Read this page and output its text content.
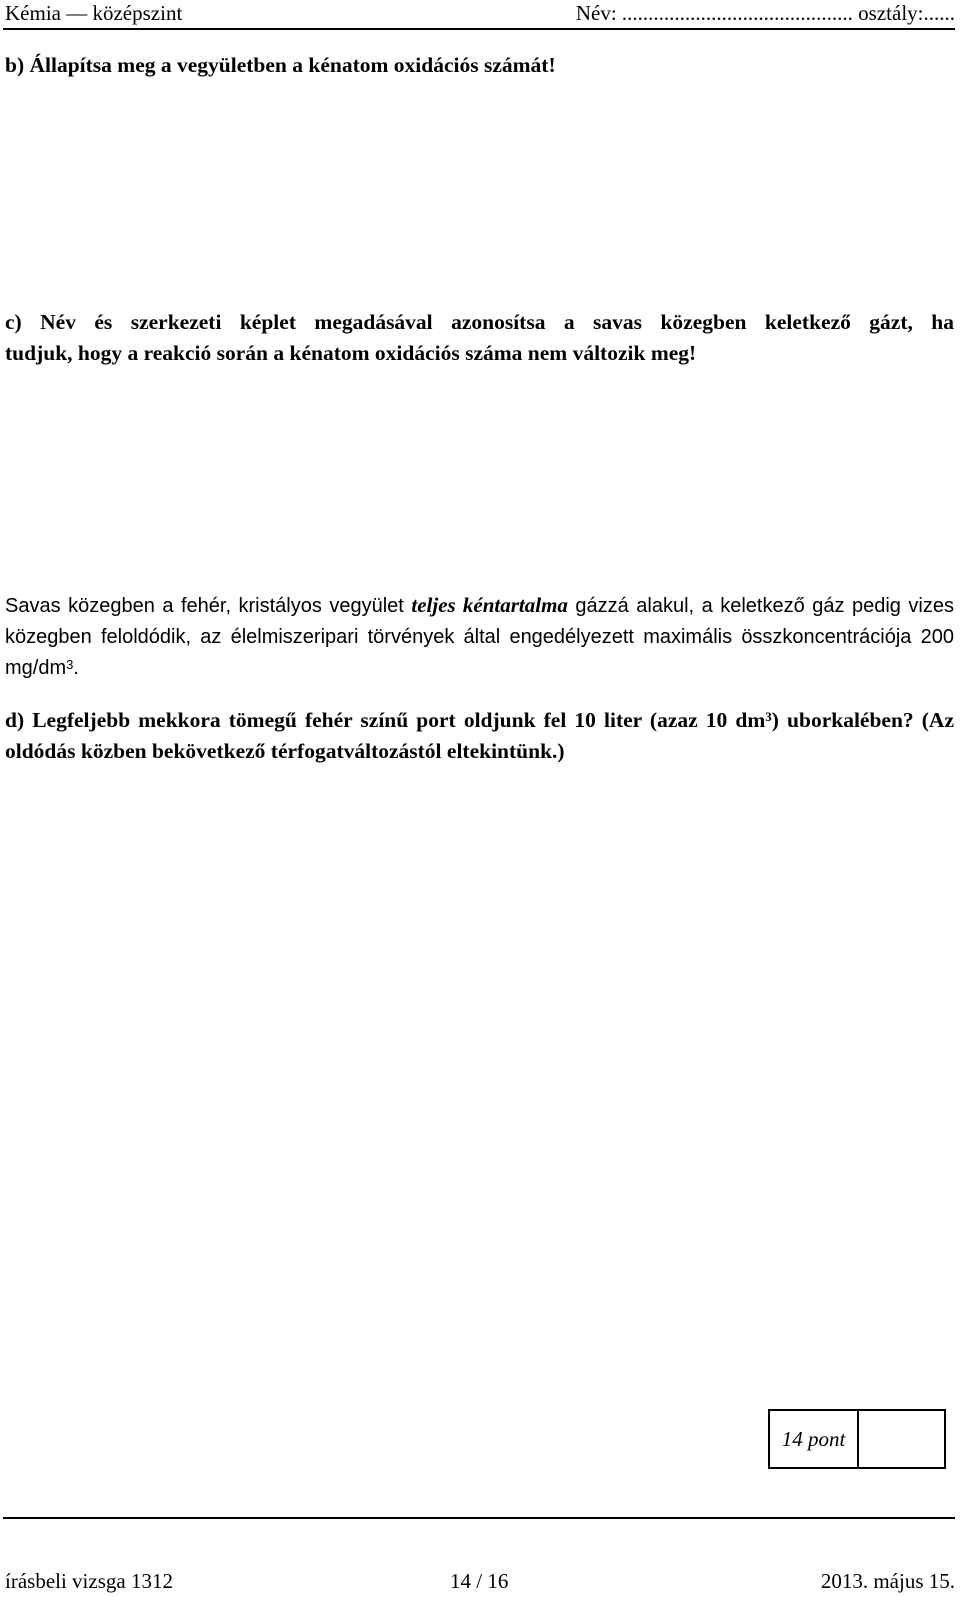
Kémia — középszint	Név: ............................................ osztály:......
b) Állapítsa meg a vegyületben a kénatom oxidációs számát!
c) Név és szerkezeti képlet megadásával azonosítsa a savas közegben keletkező gázt, ha
tudjuk, hogy a reakció során a kénatom oxidációs száma nem változik meg!
Savas közegben a fehér, kristályos vegyület teljes kéntartalma gázzá alakul, a keletkező gáz pedig vizes közegben feloldódik, az élelmiszeripari törvények által engedélyezett maximális összkoncentrációja 200 $mg/dm^3$.
d) Legfeljebb mekkora tömegű fehér színű port oldjunk fel 10 liter (azaz 10 $dm^3$) uborkalében? (Az oldódás közben bekövetkező térfogatváltozástól eltekintünk.)
14 pont
írásbeli vizsga 1312	14 / 16	2013. május 15.
